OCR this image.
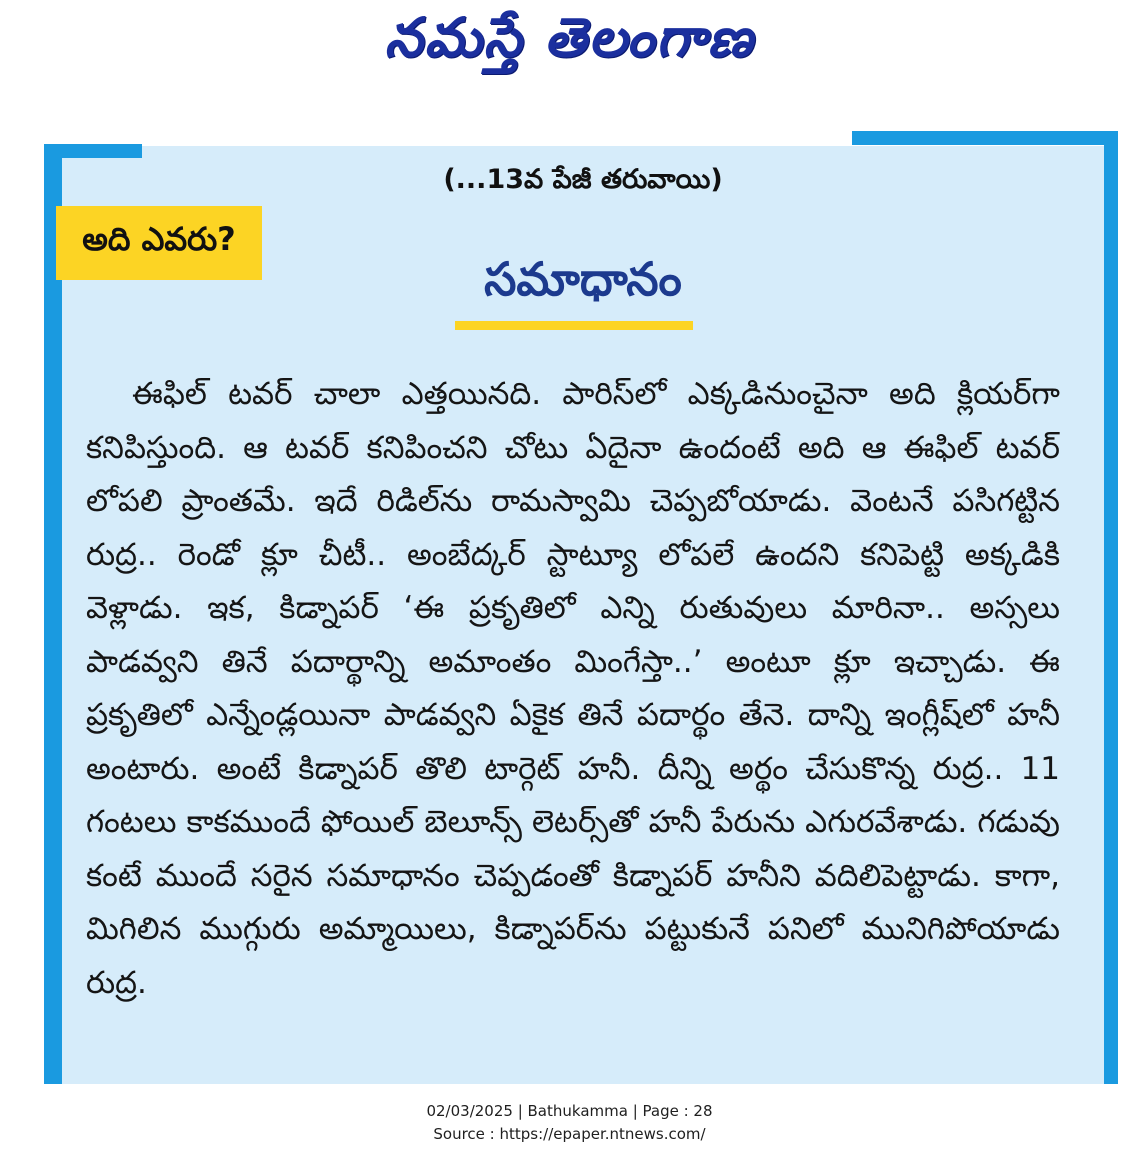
నమస్తే తెలంగాణ
(...13వ పేజీ తరువాయి)
అది ఎవరు?
సమాధానం

ఈఫిల్ టవర్ చాలా ఎత్తయినది. పారిస్‌లో ఎక్కడినుంచైనా అది క్లియర్‌గా కనిపిస్తుంది. ఆ టవర్ కనిపించని చోటు ఏదైనా ఉందంటే అది ఆ ఈఫిల్ టవర్ లోపలి ప్రాంతమే. ఇదే రిడిల్‌ను రామస్వామి చెప్పబోయాడు. వెంటనే పసిగట్టిన రుద్ర.. రెండో క్లూ చీటీ.. అంబేద్కర్ స్టాట్యూ లోపలే ఉందని కనిపెట్టి అక్కడికి వెళ్లాడు. ఇక, కిడ్నాపర్ ‘ఈ ప్రకృతిలో ఎన్ని రుతువులు మారినా.. అస్సలు పాడవ్వని తినే పదార్థాన్ని అమాంతం మింగేస్తా..’ అంటూ క్లూ ఇచ్చాడు. ఈ ప్రకృతిలో ఎన్నేండ్లయినా పాడవ్వని ఏకైక తినే పదార్థం తేనె. దాన్ని ఇంగ్లీష్‌లో హనీ అంటారు. అంటే కిడ్నాపర్ తొలి టార్గెట్ హనీ. దీన్ని అర్థం చేసుకొన్న రుద్ర.. 11 గంటలు కాకముందే ఫోయిల్ బెలూన్స్ లెటర్స్‌తో హనీ పేరును ఎగురవేశాడు. గడువు కంటే ముందే సరైన సమాధానం చెప్పడంతో కిడ్నాపర్ హనీని వదిలిపెట్టాడు. కాగా, మిగిలిన ముగ్గురు అమ్మాయిలు, కిడ్నాపర్‌ను పట్టుకునే పనిలో మునిగిపోయాడు రుద్ర.

02/03/2025 | Bathukamma | Page : 28
Source : https://epaper.ntnews.com/
